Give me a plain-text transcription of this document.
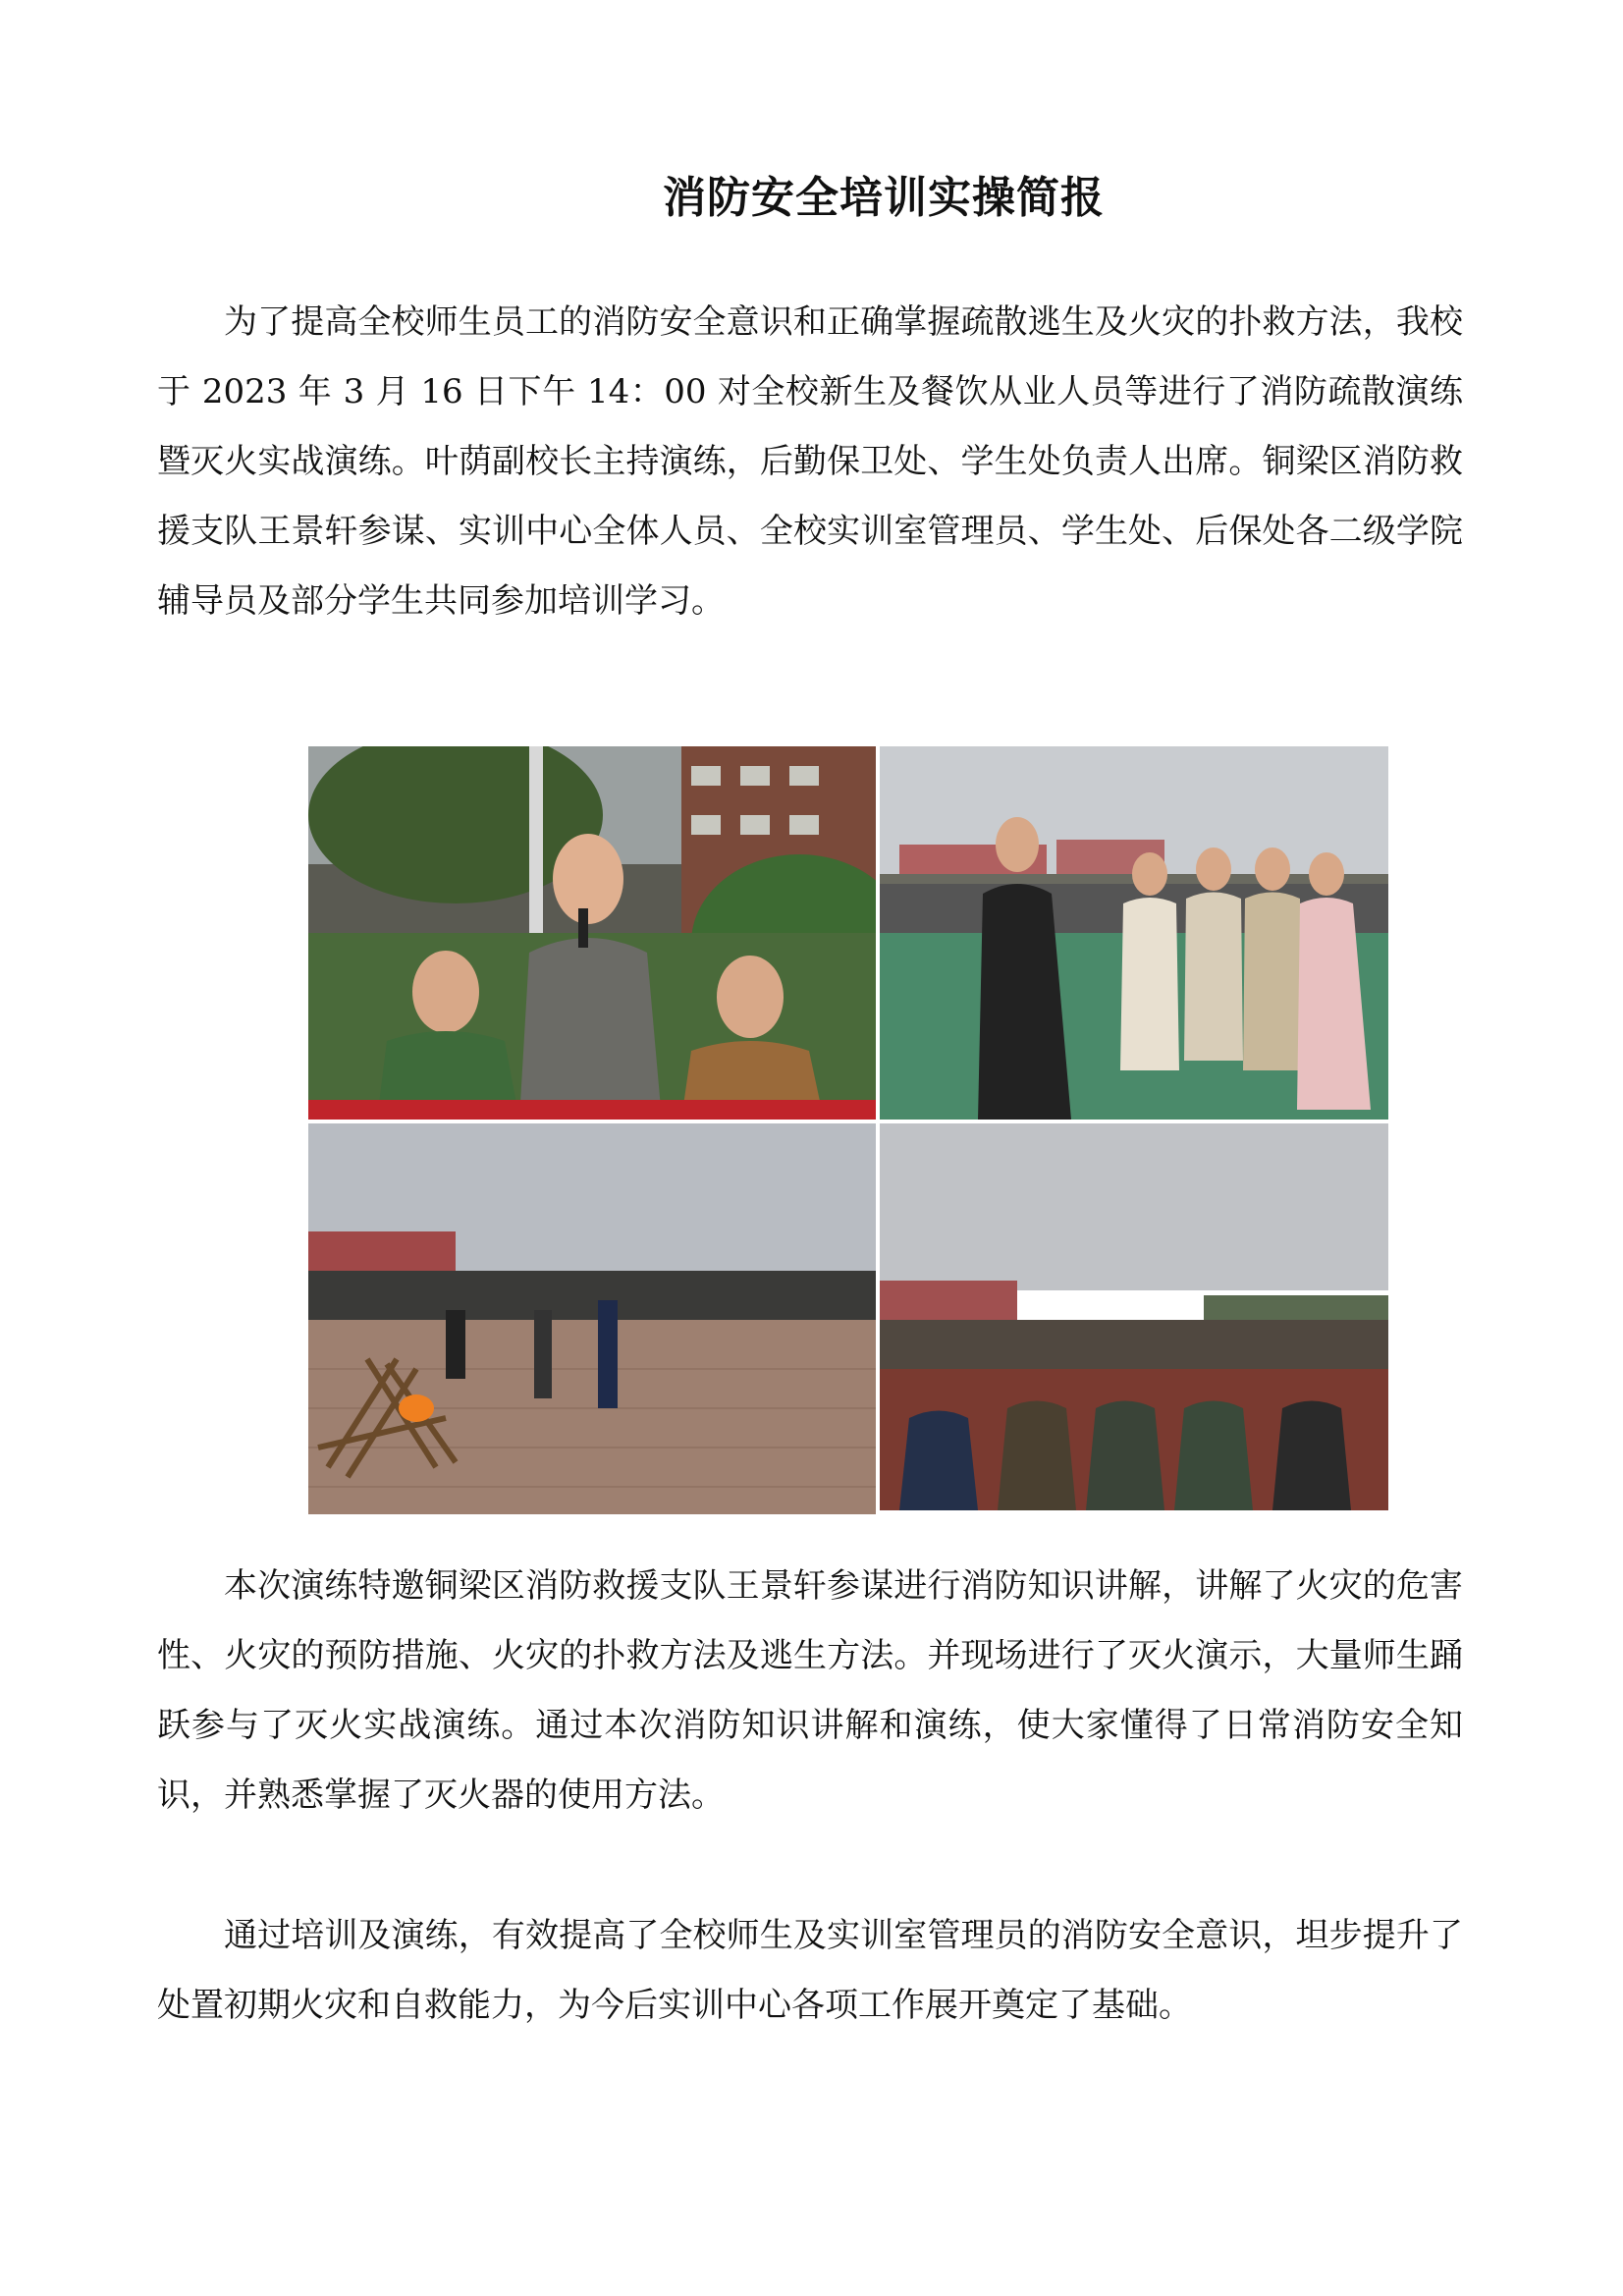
消防安全培训实操简报

为了提高全校师生员工的消防安全意识和正确掌握疏散逃生及火灾的扑救方法，我校于 2023 年 3 月 16 日下午 14：00 对全校新生及餐饮从业人员等进行了消防疏散演练暨灭火实战演练。叶荫副校长主持演练，后勤保卫处、学生处负责人出席。铜梁区消防救援支队王景轩参谋、实训中心全体人员、全校实训室管理员、学生处、后保处各二级学院辅导员及部分学生共同参加培训学习。

本次演练特邀铜梁区消防救援支队王景轩参谋进行消防知识讲解，讲解了火灾的危害性、火灾的预防措施、火灾的扑救方法及逃生方法。并现场进行了灭火演示，大量师生踊跃参与了灭火实战演练。通过本次消防知识讲解和演练，使大家懂得了日常消防安全知识，并熟悉掌握了灭火器的使用方法。

通过培训及演练，有效提高了全校师生及实训室管理员的消防安全意识，坦步提升了处置初期火灾和自救能力，为今后实训中心各项工作展开奠定了基础。
